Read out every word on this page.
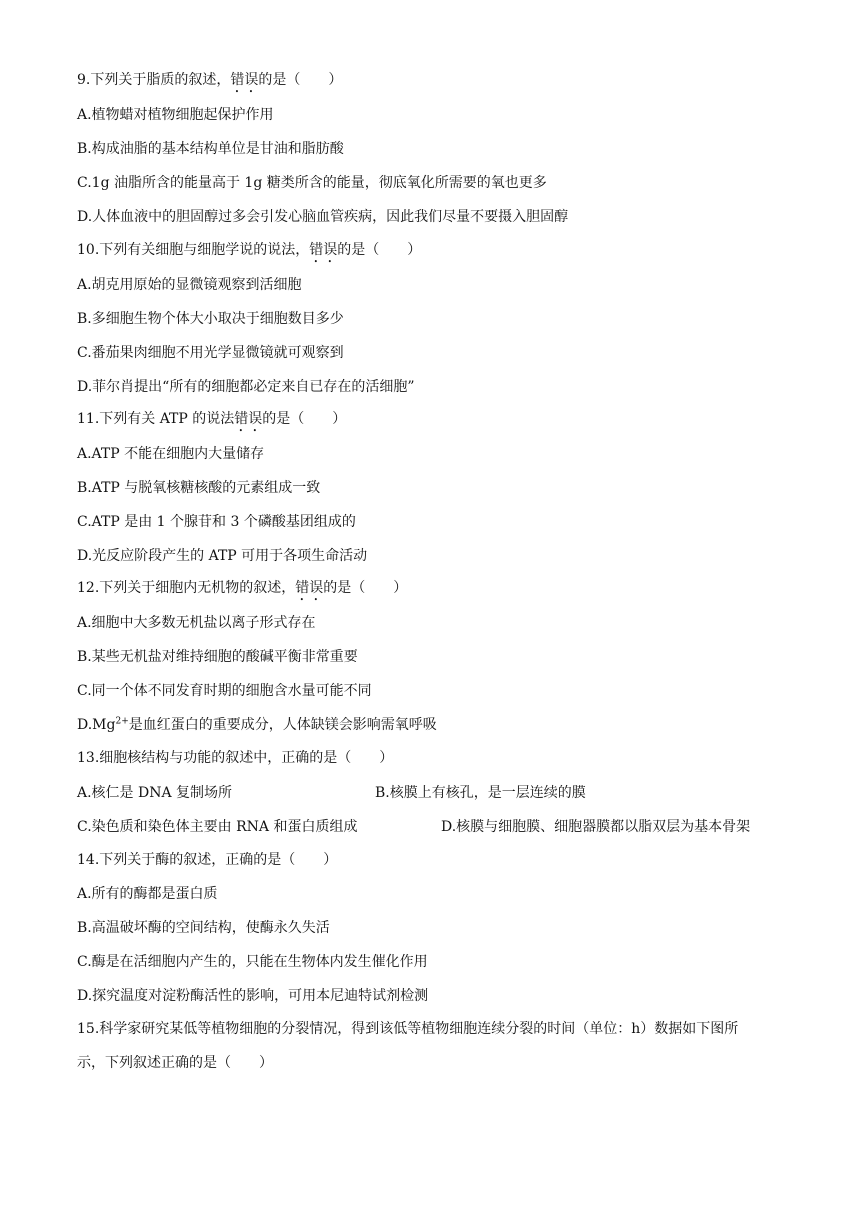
9.下列关于脂质的叙述，错误的是（　　）
A.植物蜡对植物细胞起保护作用
B.构成油脂的基本结构单位是甘油和脂肪酸
C.1g 油脂所含的能量高于 1g 糖类所含的能量，彻底氧化所需要的氧也更多
D.人体血液中的胆固醇过多会引发心脑血管疾病，因此我们尽量不要摄入胆固醇
10.下列有关细胞与细胞学说的说法，错误的是（　　）
A.胡克用原始的显微镜观察到活细胞
B.多细胞生物个体大小取决于细胞数目多少
C.番茄果肉细胞不用光学显微镜就可观察到
D.菲尔肖提出“所有的细胞都必定来自已存在的活细胞”
11.下列有关 ATP 的说法错误的是（　　）
A.ATP 不能在细胞内大量储存
B.ATP 与脱氧核糖核酸的元素组成一致
C.ATP 是由 1 个腺苷和 3 个磷酸基团组成的
D.光反应阶段产生的 ATP 可用于各项生命活动
12.下列关于细胞内无机物的叙述，错误的是（　　）
A.细胞中大多数无机盐以离子形式存在
B.某些无机盐对维持细胞的酸碱平衡非常重要
C.同一个体不同发育时期的细胞含水量可能不同
$D.Mg^{2+}$是血红蛋白的重要成分，人体缺镁会影响需氧呼吸
13.细胞核结构与功能的叙述中，正确的是（　　）
A.核仁是 DNA 复制场所	B.核膜上有核孔，是一层连续的膜
C.染色质和染色体主要由 RNA 和蛋白质组成	D.核膜与细胞膜、细胞器膜都以脂双层为基本骨架
14.下列关于酶的叙述，正确的是（　　）
A.所有的酶都是蛋白质
B.高温破坏酶的空间结构，使酶永久失活
C.酶是在活细胞内产生的，只能在生物体内发生催化作用
D.探究温度对淀粉酶活性的影响，可用本尼迪特试剂检测
15.科学家研究某低等植物细胞的分裂情况，得到该低等植物细胞连续分裂的时间（单位：h）数据如下图所
示，下列叙述正确的是（　　）
